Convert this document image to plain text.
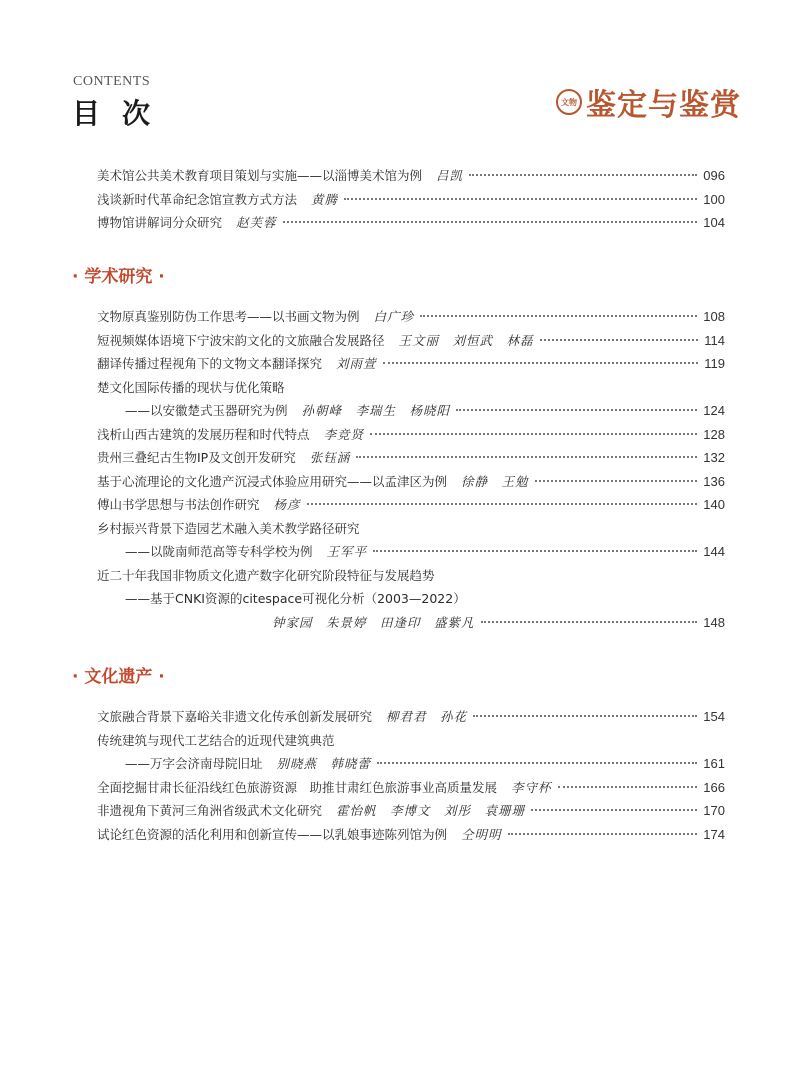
CONTENTS
目次	文物 鉴定与鉴赏
美术馆公共美术教育项目策划与实施——以淄博美术馆为例 吕凯	096
浅谈新时代革命纪念馆宣教方式方法 黄腾	100
博物馆讲解词分众研究 赵芙蓉	104
· 学术研究 ·
文物原真鉴别防伪工作思考——以书画文物为例 白广珍	108
短视频媒体语境下宁波宋韵文化的文旅融合发展路径 王文丽　刘恒武　林磊	114
翻译传播过程视角下的文物文本翻译探究 刘雨萱	119
楚文化国际传播的现状与优化策略
——以安徽楚式玉器研究为例 孙朝峰　李瑞生　杨晓阳	124
浅析山西古建筑的发展历程和时代特点 李竞贤	128
贵州三叠纪古生物IP及文创开发研究 张钰涵	132
基于心流理论的文化遗产沉浸式体验应用研究——以孟津区为例 徐静　王勉	136
傅山书学思想与书法创作研究 杨彦	140
乡村振兴背景下造园艺术融入美术教学路径研究
——以陇南师范高等专科学校为例 王军平	144
近二十年我国非物质文化遗产数字化研究阶段特征与发展趋势
——基于CNKI资源的citespace可视化分析（2003—2022）
钟家园　朱景婷　田逢印　盛紫凡	148
· 文化遗产 ·
文旅融合背景下嘉峪关非遗文化传承创新发展研究 柳君君　孙花	154
传统建筑与现代工艺结合的近现代建筑典范
——万字会济南母院旧址 别晓燕　韩晓蕾	161
全面挖掘甘肃长征沿线红色旅游资源　助推甘肃红色旅游事业高质量发展 李守杯	166
非遗视角下黄河三角洲省级武术文化研究 霍怡帆　李博文　刘彤　袁珊珊	170
试论红色资源的活化利用和创新宣传——以乳娘事迹陈列馆为例 仝明明	174
